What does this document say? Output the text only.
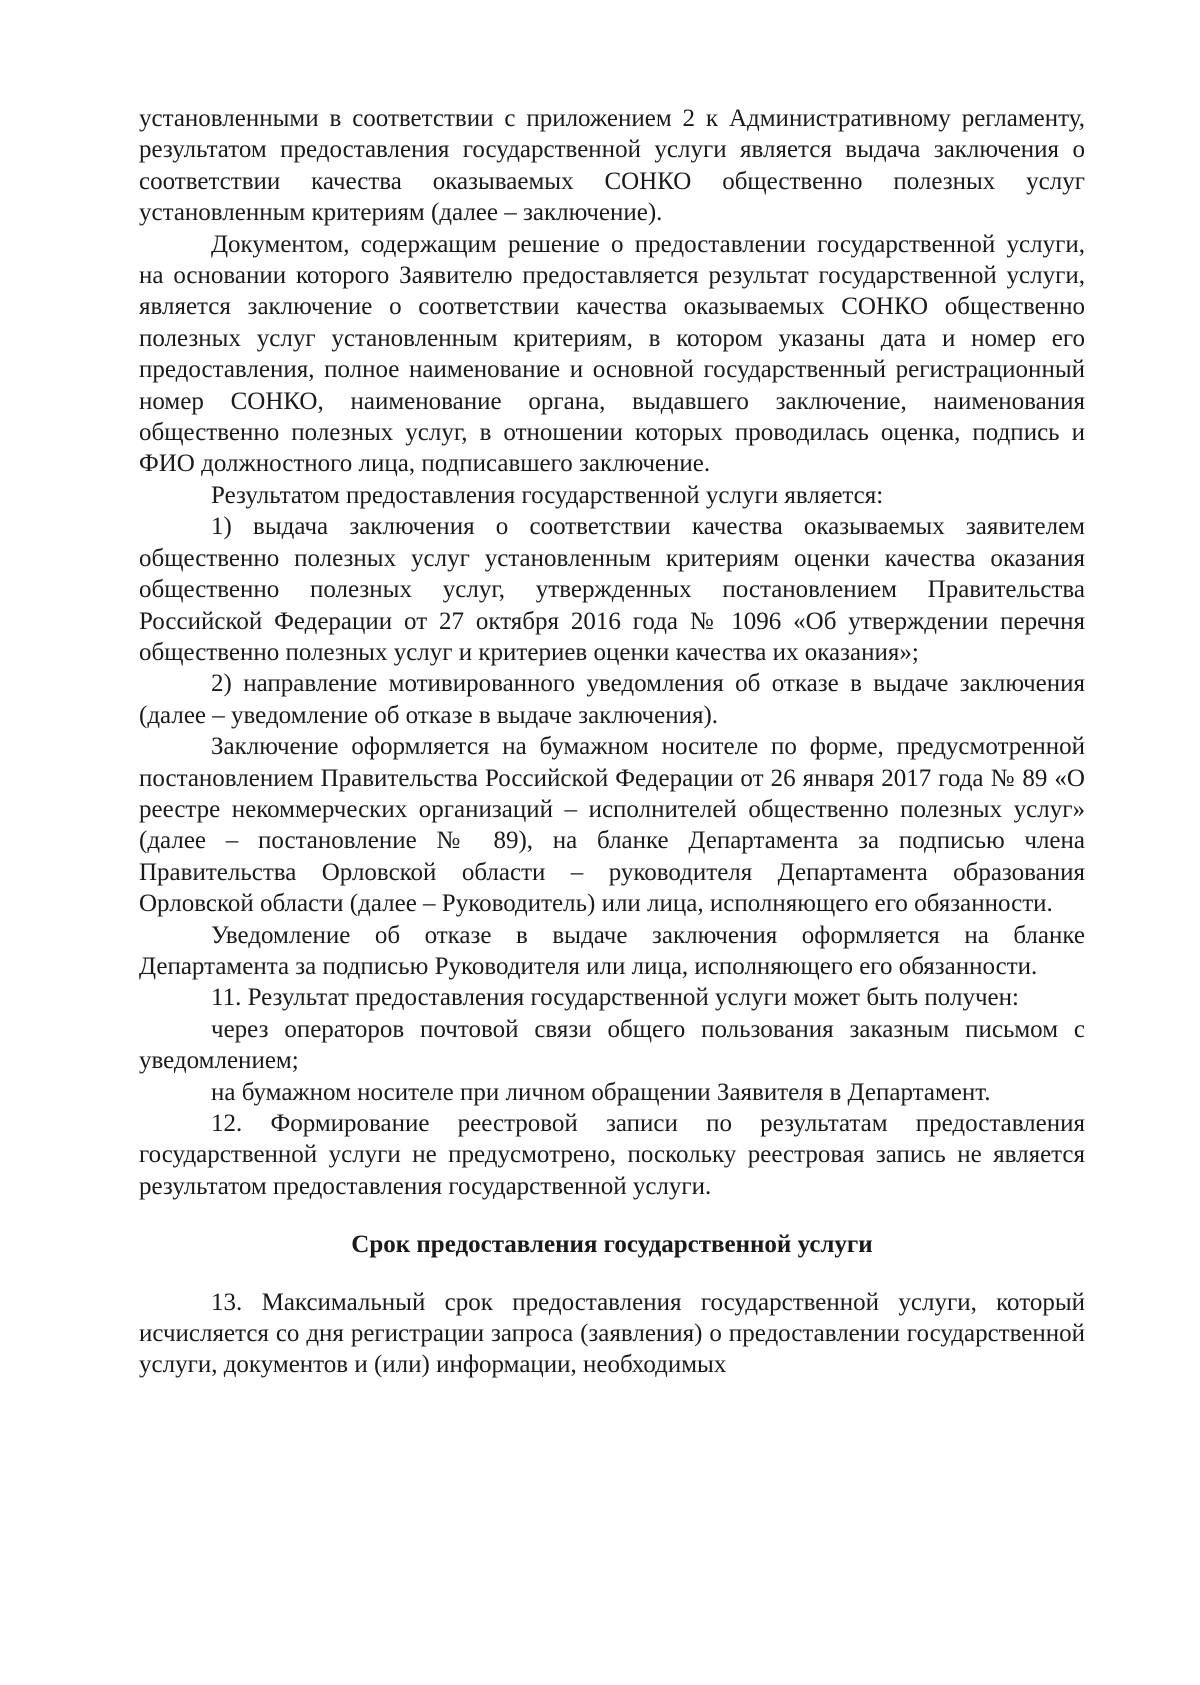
установленными в соответствии с приложением 2 к Административному регламенту, результатом предоставления государственной услуги является выдача заключения о соответствии качества оказываемых СОНКО общественно полезных услуг установленным критериям (далее – заключение).

Документом, содержащим решение о предоставлении государственной услуги, на основании которого Заявителю предоставляется результат государственной услуги, является заключение о соответствии качества оказываемых СОНКО общественно полезных услуг установленным критериям, в котором указаны дата и номер его предоставления, полное наименование и основной государственный регистрационный номер СОНКО, наименование органа, выдавшего заключение, наименования общественно полезных услуг, в отношении которых проводилась оценка, подпись и ФИО должностного лица, подписавшего заключение.

Результатом предоставления государственной услуги является:

1) выдача заключения о соответствии качества оказываемых заявителем общественно полезных услуг установленным критериям оценки качества оказания общественно полезных услуг, утвержденных постановлением Правительства Российской Федерации от 27 октября 2016 года № 1096 «Об утверждении перечня общественно полезных услуг и критериев оценки качества их оказания»;

2) направление мотивированного уведомления об отказе в выдаче заключения (далее – уведомление об отказе в выдаче заключения).

Заключение оформляется на бумажном носителе по форме, предусмотренной постановлением Правительства Российской Федерации от 26 января 2017 года № 89 «О реестре некоммерческих организаций – исполнителей общественно полезных услуг» (далее – постановление № 89), на бланке Департамента за подписью члена Правительства Орловской области – руководителя Департамента образования Орловской области (далее – Руководитель) или лица, исполняющего его обязанности.

Уведомление об отказе в выдаче заключения оформляется на бланке Департамента за подписью Руководителя или лица, исполняющего его обязанности.

11. Результат предоставления государственной услуги может быть получен:

через операторов почтовой связи общего пользования заказным письмом с уведомлением;

на бумажном носителе при личном обращении Заявителя в Департамент.

12. Формирование реестровой записи по результатам предоставления государственной услуги не предусмотрено, поскольку реестровая запись не является результатом предоставления государственной услуги.

Срок предоставления государственной услуги

13. Максимальный срок предоставления государственной услуги, который исчисляется со дня регистрации запроса (заявления) о предоставлении государственной услуги, документов и (или) информации, необходимых
